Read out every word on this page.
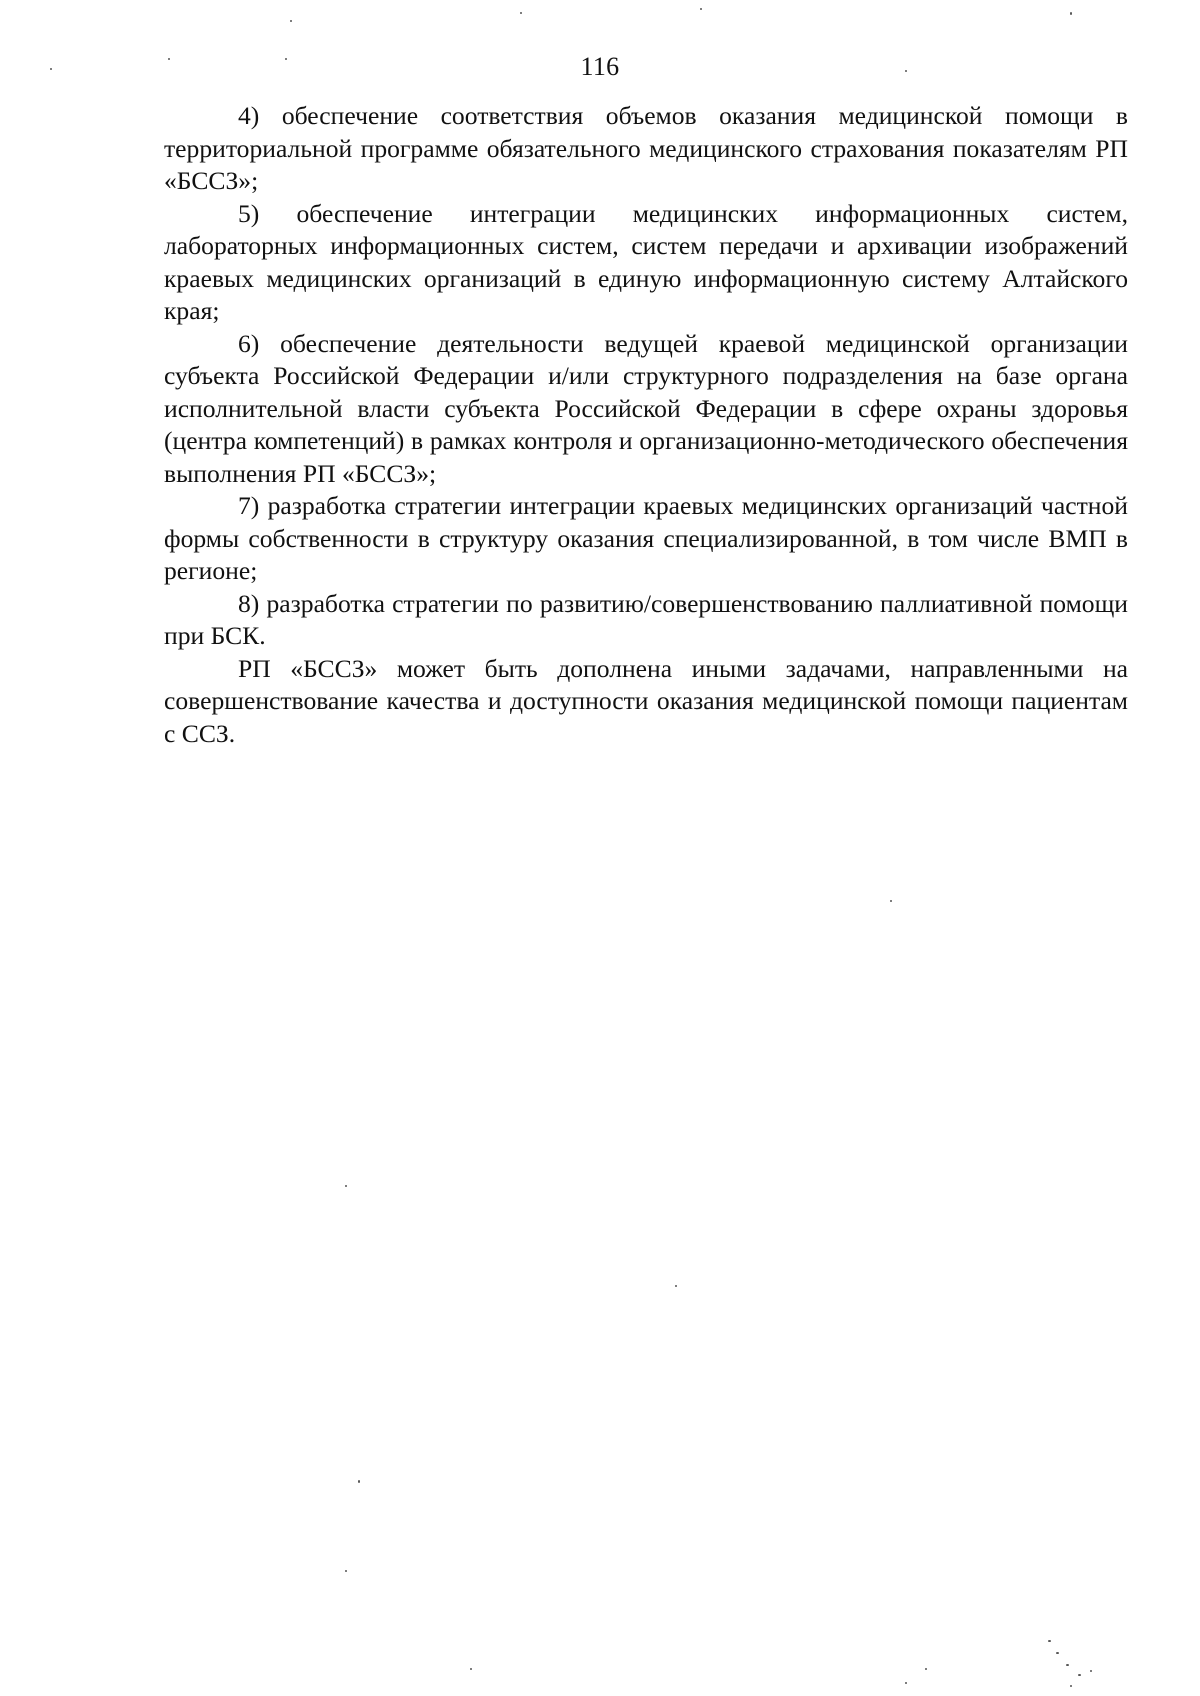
116

4) обеспечение соответствия объемов оказания медицинской помощи в территориальной программе обязательного медицинского страхования показателям РП «БССЗ»;

5) обеспечение интеграции медицинских информационных систем, лабораторных информационных систем, систем передачи и архивации изображений краевых медицинских организаций в единую информационную систему Алтайского края;

6) обеспечение деятельности ведущей краевой медицинской организации субъекта Российской Федерации и/или структурного подразделения на базе органа исполнительной власти субъекта Российской Федерации в сфере охраны здоровья (центра компетенций) в рамках контроля и организационно-методического обеспечения выполнения РП «БССЗ»;

7) разработка стратегии интеграции краевых медицинских организаций частной формы собственности в структуру оказания специализированной, в том числе ВМП в регионе;

8) разработка стратегии по развитию/совершенствованию паллиативной помощи при БСК.

РП «БССЗ» может быть дополнена иными задачами, направленными на совершенствование качества и доступности оказания медицинской помощи пациентам с ССЗ.
